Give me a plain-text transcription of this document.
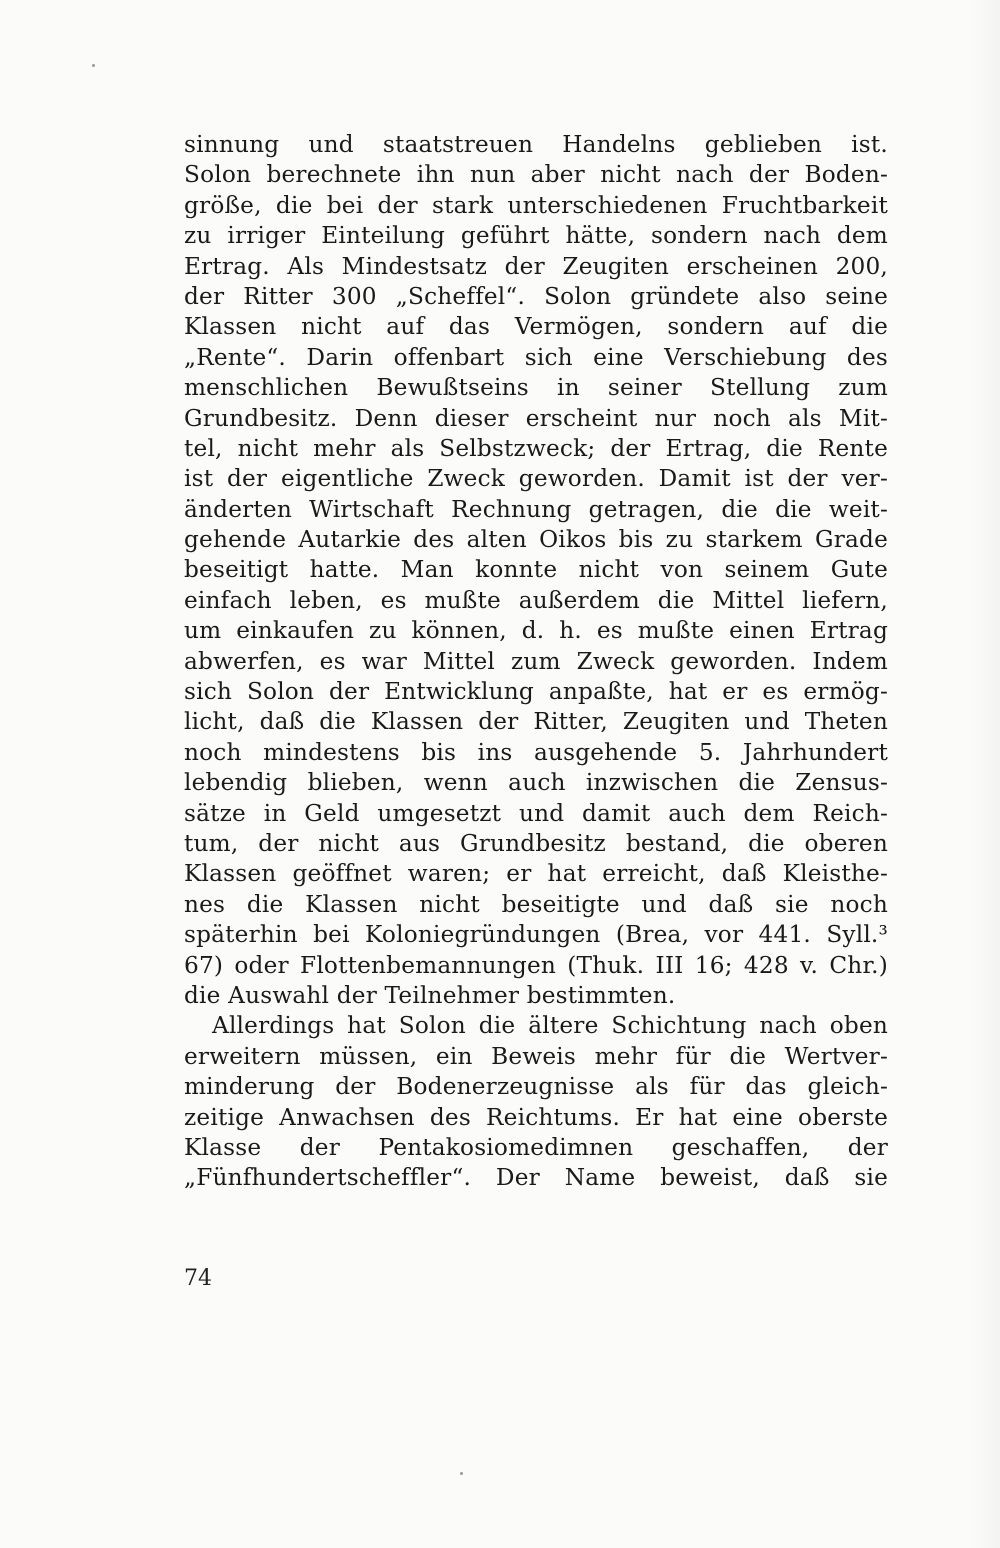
sinnung und staatstreuen Handelns geblieben ist.
Solon berechnete ihn nun aber nicht nach der Boden-
größe, die bei der stark unterschiedenen Fruchtbarkeit
zu irriger Einteilung geführt hätte, sondern nach dem
Ertrag. Als Mindestsatz der Zeugiten erscheinen 200,
der Ritter 300 „Scheffel“. Solon gründete also seine
Klassen nicht auf das Vermögen, sondern auf die
„Rente“. Darin offenbart sich eine Verschiebung des
menschlichen Bewußtseins in seiner Stellung zum
Grundbesitz. Denn dieser erscheint nur noch als Mit-
tel, nicht mehr als Selbstzweck; der Ertrag, die Rente
ist der eigentliche Zweck geworden. Damit ist der ver-
änderten Wirtschaft Rechnung getragen, die die weit-
gehende Autarkie des alten Oikos bis zu starkem Grade
beseitigt hatte. Man konnte nicht von seinem Gute
einfach leben, es mußte außerdem die Mittel liefern,
um einkaufen zu können, d. h. es mußte einen Ertrag
abwerfen, es war Mittel zum Zweck geworden. Indem
sich Solon der Entwicklung anpaßte, hat er es ermög-
licht, daß die Klassen der Ritter, Zeugiten und Theten
noch mindestens bis ins ausgehende 5. Jahrhundert
lebendig blieben, wenn auch inzwischen die Zensus-
sätze in Geld umgesetzt und damit auch dem Reich-
tum, der nicht aus Grundbesitz bestand, die oberen
Klassen geöffnet waren; er hat erreicht, daß Kleisthe-
nes die Klassen nicht beseitigte und daß sie noch
späterhin bei Koloniegründungen (Brea, vor 441. Syll.³
67) oder Flottenbemannungen (Thuk. III 16; 428 v. Chr.)
die Auswahl der Teilnehmer bestimmten.
Allerdings hat Solon die ältere Schichtung nach oben
erweitern müssen, ein Beweis mehr für die Wertver-
minderung der Bodenerzeugnisse als für das gleich-
zeitige Anwachsen des Reichtums. Er hat eine oberste
Klasse der Pentakosiomedimnen geschaffen, der
„Fünfhundertscheffler“. Der Name beweist, daß sie
74
